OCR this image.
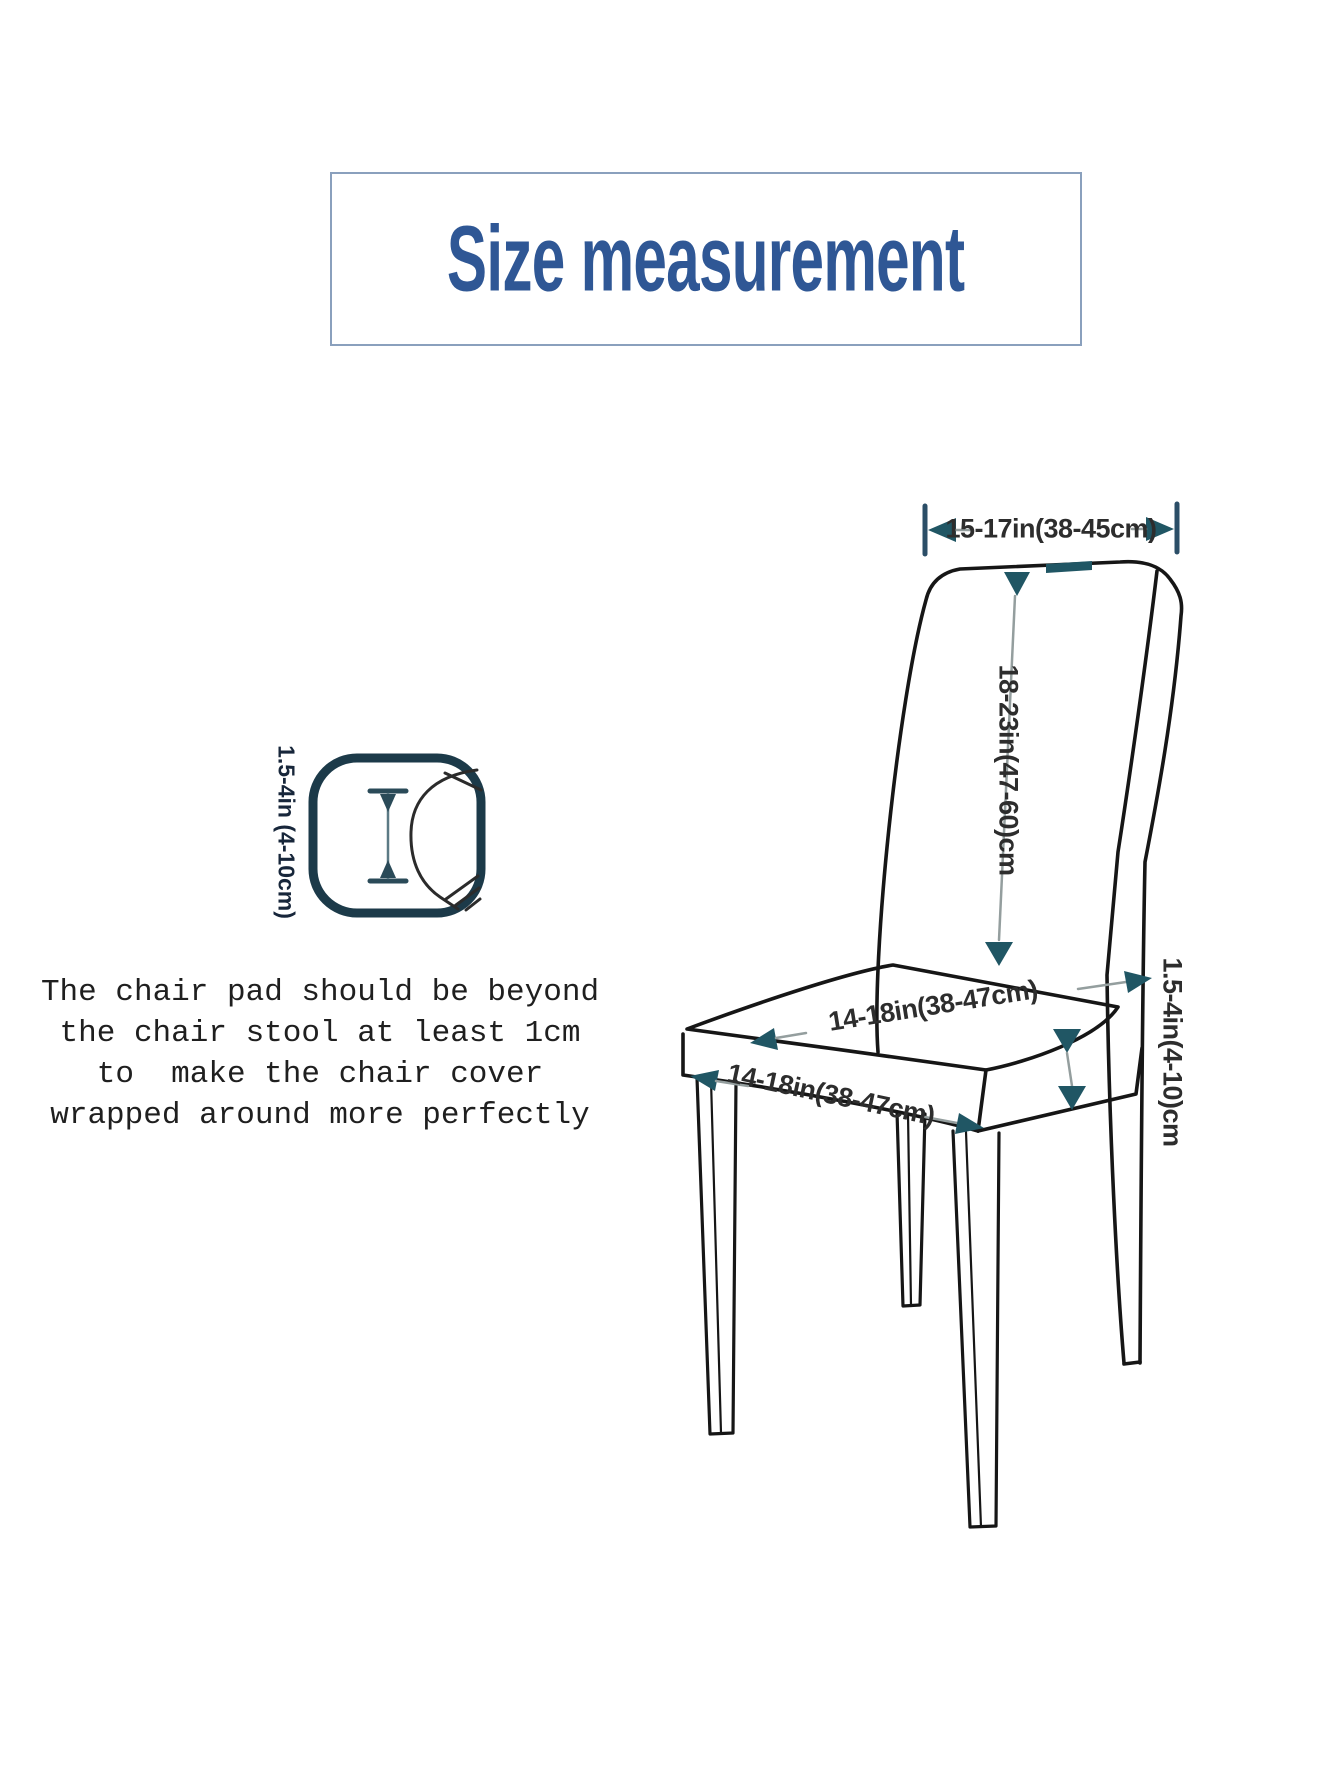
Size measurement
15-17in(38-45cm)
18-23in(47-60)cm
1.5-4in(4-10)cm
14-18in(38-47cm)
14-18in(38-47cm)
1.5-4in (4-10cm)
The chair pad should be beyond
the chair stool at least 1cm
to  make the chair cover
wrapped around more perfectly
